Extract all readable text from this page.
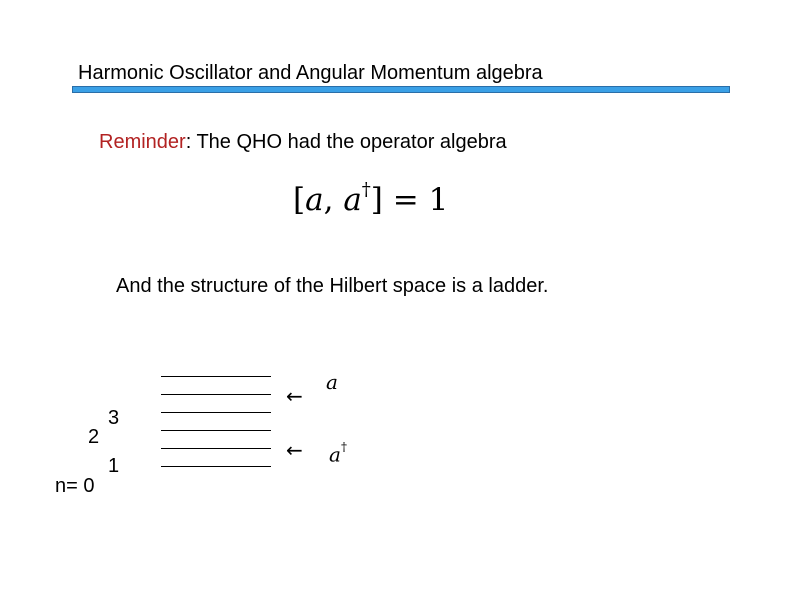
Harmonic Oscillator and Angular Momentum algebra
Reminder: The QHO had the operator algebra
[a, a†] = 1
And the structure of the Hilbert space is a ladder.
3
2
1
n= 0
←
a
← a†
